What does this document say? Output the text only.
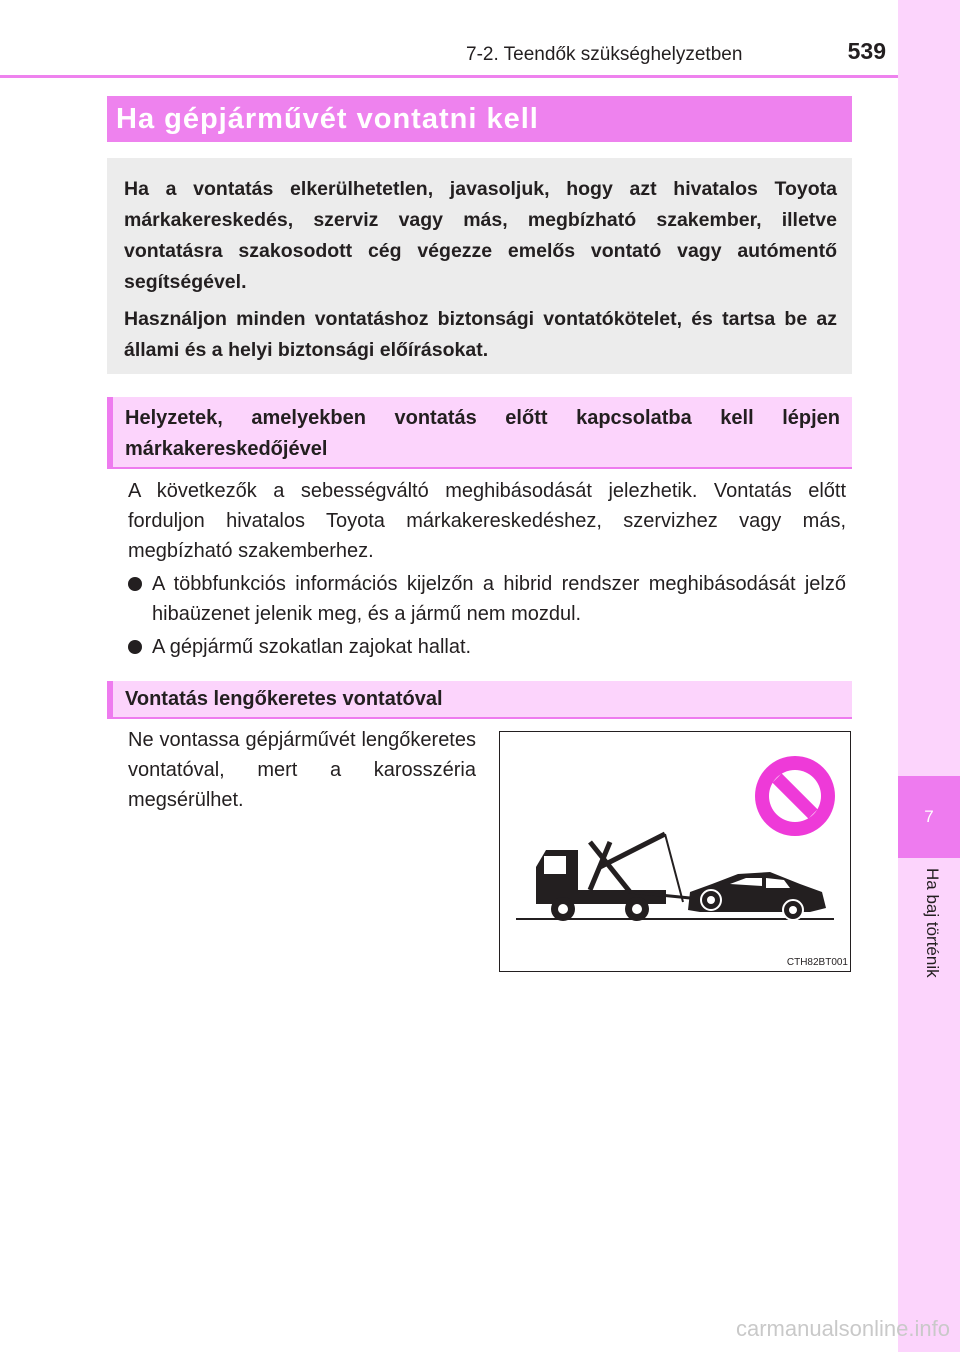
7-2. Teendők szükséghelyzetben	539
7
Ha baj történik
Ha gépjárművét vontatni kell

Ha a vontatás elkerülhetetlen, javasoljuk, hogy azt hivatalos Toyota márkakereskedés, szerviz vagy más, megbízható szakember, illetve vontatásra szakosodott cég végezze emelős vontató vagy autómentő segítségével.

Használjon minden vontatáshoz biztonsági vontatókötelet, és tartsa be az állami és a helyi biztonsági előírásokat.

Helyzetek, amelyekben vontatás előtt kapcsolatba kell lépjen márkakereskedőjével

A következők a sebességváltó meghibásodását jelezhetik. Vontatás előtt forduljon hivatalos Toyota márkakereskedéshez, szervizhez vagy más, megbízható szakemberhez.

A többfunkciós információs kijelzőn a hibrid rendszer meghibásodását jelző hibaüzenet jelenik meg, és a jármű nem mozdul.

A gépjármű szokatlan zajokat hallat.

Vontatás lengőkeretes vontatóval

Ne vontassa gépjárművét lengőkeretes vontatóval, mert a karosszéria megsérülhet.

CTH82BT001
carmanualsonline.info
